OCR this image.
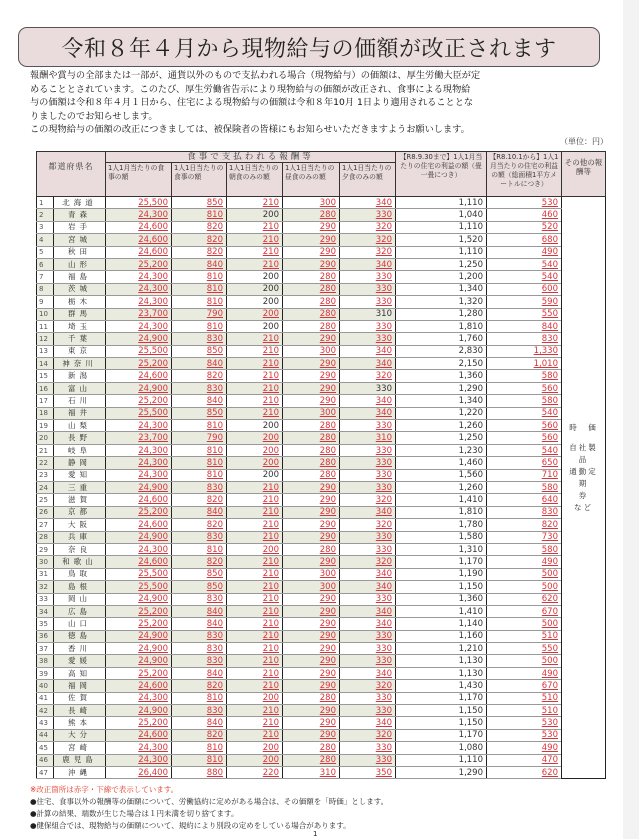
令和８年４月から現物給与の価額が改正されます

報酬や賞与の全部または一部が、通貨以外のもので支払われる場合（現物給与）の価額は、厚生労働大臣が定

めることとされています。このたび、厚生労働省告示により現物給与の価額が改正され、食事による現物給

与の価額は令和８年４月１日から、住宅による現物給与の価額は令和８年10月 1日より適用されることとな

りましたのでお知らせします。

この現物給与の価額の改正につきましては、被保険者の皆様にもお知らせいただきますようお願いします。

（単位：円）
都道府県名		食事で支払われる報酬等					【R8.9.30まで】1人1月当たりの住宅の利益の額（畳一畳につき）	【R8.10.1から】1人1月当たりの住宅の利益の額（総面積1平方メートルにつき）	その他の報酬等
		1人1月当たりの食事の額	1人1日当たりの食事の額	1人1日当たりの朝食のみの額	1人1日当たりの昼食のみの額	1人1日当たりの夕食のみの額			
1	北海道	25,500	850	210	300	340	1,110	530	時　価
自社製品
通勤定期
券
など

2	青森	24,300	810	200	280	330	1,040	460	
3	岩手	24,600	820	210	290	320	1,110	520	
4	宮城	24,600	820	210	290	320	1,520	680	
5	秋田	24,600	820	210	290	320	1,110	490	
6	山形	25,200	840	210	290	340	1,250	540	
7	福島	24,300	810	200	280	330	1,200	540	
8	茨城	24,300	810	200	280	330	1,340	600	
9	栃木	24,300	810	200	280	330	1,320	590	
10	群馬	23,700	790	200	280	310	1,280	550	
11	埼玉	24,300	810	200	280	330	1,810	840	
12	千葉	24,900	830	210	290	330	1,760	830	
13	東京	25,500	850	210	300	340	2,830	1,330	
14	神奈川	25,200	840	210	290	340	2,150	1,010	
15	新潟	24,600	820	210	290	320	1,360	580	
16	富山	24,900	830	210	290	330	1,290	560	
17	石川	25,200	840	210	290	340	1,340	580	
18	福井	25,500	850	210	300	340	1,220	540	
19	山梨	24,300	810	200	280	330	1,260	560	
20	長野	23,700	790	200	280	310	1,250	560	
21	岐阜	24,300	810	200	280	330	1,230	540	
22	静岡	24,300	810	200	280	330	1,460	650	
23	愛知	24,300	810	200	280	330	1,560	710	
24	三重	24,900	830	210	290	330	1,260	580	
25	滋賀	24,600	820	210	290	320	1,410	640	
26	京都	25,200	840	210	290	340	1,810	830	
27	大阪	24,600	820	210	290	320	1,780	820	
28	兵庫	24,900	830	210	290	330	1,580	730	
29	奈良	24,300	810	200	280	330	1,310	580	
30	和歌山	24,600	820	210	290	320	1,170	490	
31	鳥取	25,500	850	210	300	340	1,190	500	
32	島根	25,500	850	210	300	340	1,150	500	
33	岡山	24,900	830	210	290	330	1,360	620	
34	広島	25,200	840	210	290	340	1,410	670	
35	山口	25,200	840	210	290	340	1,140	500	
36	徳島	24,900	830	210	290	330	1,160	510	
37	香川	24,900	830	210	290	330	1,210	550	
38	愛媛	24,900	830	210	290	330	1,130	500	
39	高知	25,200	840	210	290	340	1,130	490	
40	福岡	24,600	820	210	290	320	1,430	670	
41	佐賀	24,300	810	200	280	330	1,170	510	
42	長崎	24,900	830	210	290	330	1,150	510	
43	熊本	25,200	840	210	290	340	1,150	530	
44	大分	24,600	820	210	290	320	1,170	530	
45	宮崎	24,300	810	200	280	330	1,080	490	
46	鹿児島	24,300	810	200	280	330	1,110	470	
47	沖縄	26,400	880	220	310	350	1,290	620	
※改正箇所は赤字・下線で表示しています。
●住宅、食事以外の報酬等の価額について、労働協約に定めがある場合は、その価額を「時価」とします。
●計算の結果、端数が生じた場合は１円未満を切り捨てます。
●健保組合では、現物給与の価額について、規約により別段の定めをしている場合があります。
1
